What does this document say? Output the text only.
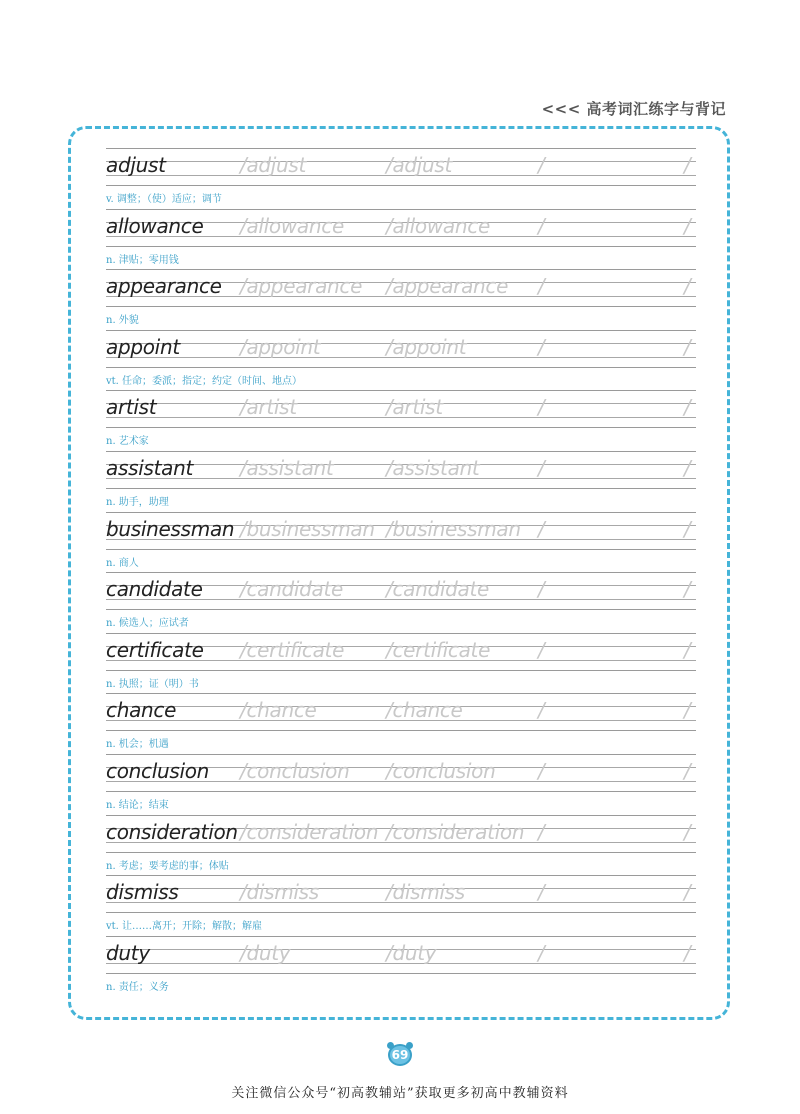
<<< 高考词汇练字与背记
adjust	/adjust	/adjust	/	/
v. 调整；（使）适应；调节
allowance /allowance /allowance /	/
n. 津贴；零用钱
appearance /appearance /appearance /	/
n. 外貌
appoint	/appoint	/appoint	/	/
vt. 任命；委派；指定；约定（时间、地点）
artist	/artist	/artist	/	/
n. 艺术家
assistant /assistant	/assistant	/	/
n. 助手，助理
businessman /businessman /businessman /	/
n. 商人
candidate /candidate /candidate /	/
n. 候选人；应试者
certificate /certificate /certificate /	/
n. 执照；证（明）书
chance	/chance	/chance	/	/
n. 机会；机遇
conclusion /conclusion /conclusion /	/
n. 结论；结束
consideration /consideration /consideration /	/
n. 考虑；要考虑的事；体贴
dismiss	/dismiss	/dismiss	/	/
vt. 让……离开；开除；解散；解雇
duty	/duty	/duty	/	/
n. 责任；义务
69
关注微信公众号“初高教辅站”获取更多初高中教辅资料
